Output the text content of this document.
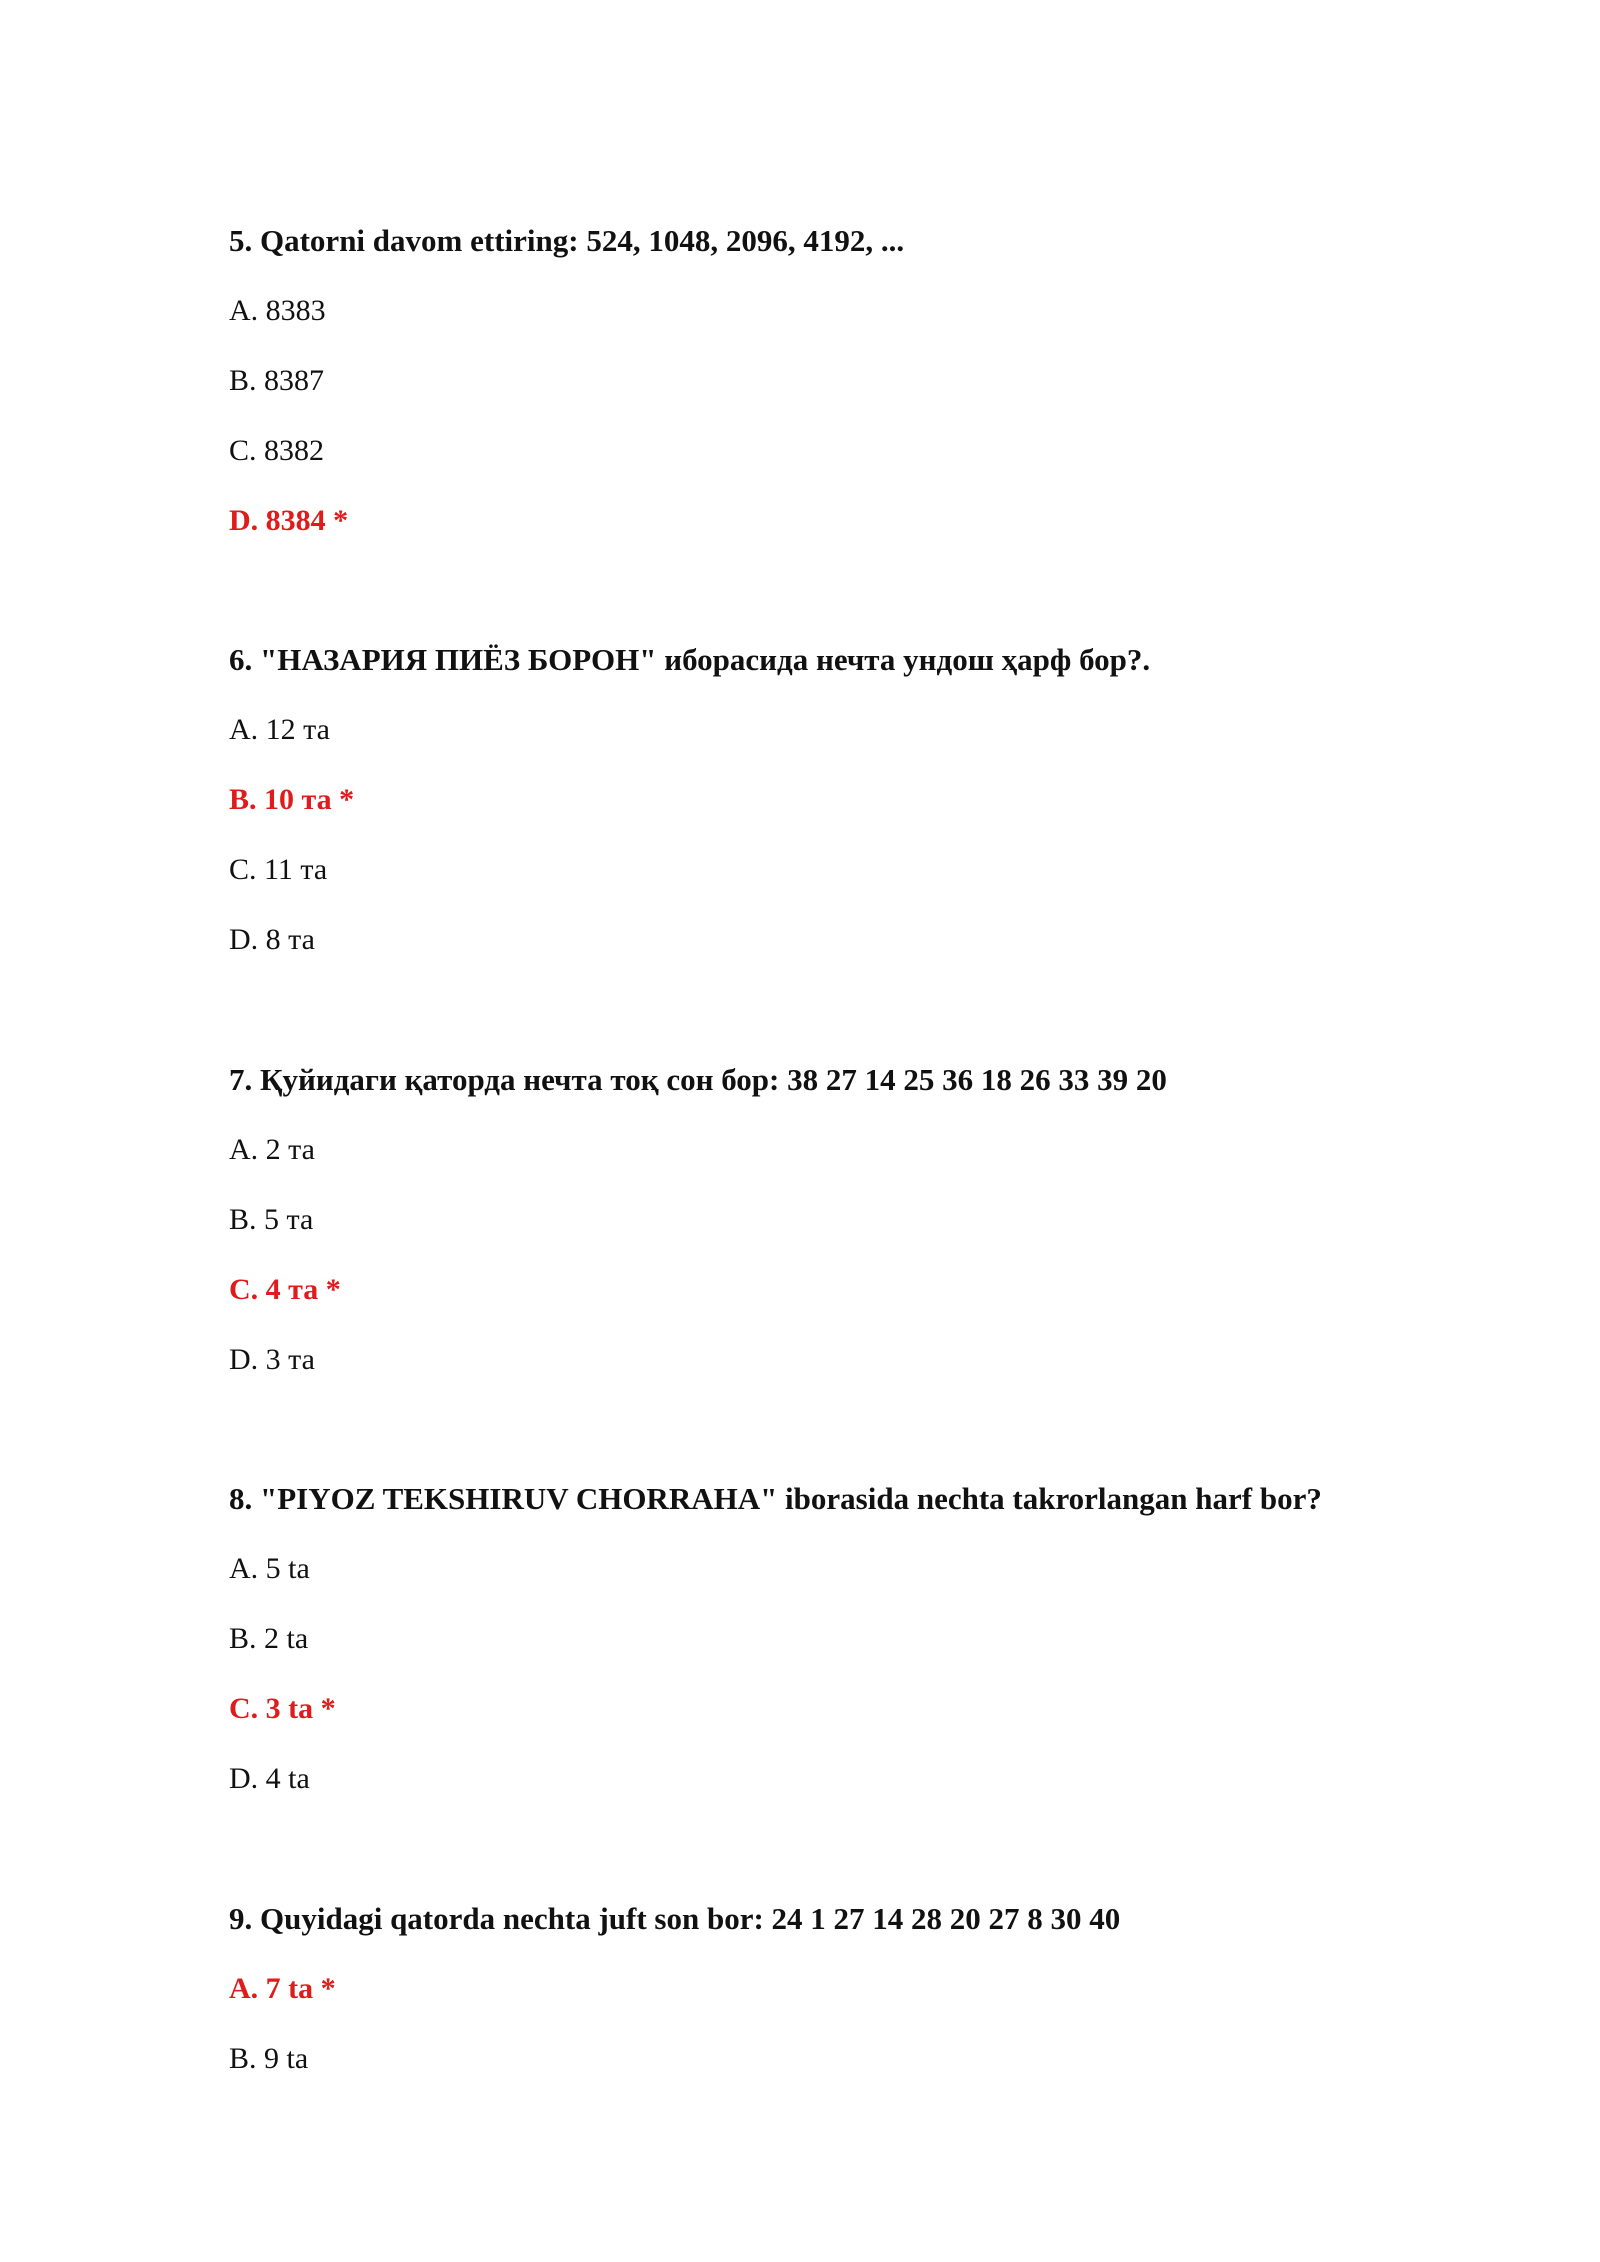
5. Qatorni davom ettiring: 524, 1048, 2096, 4192, ...
A. 8383
B. 8387
C. 8382
D. 8384 *
6. "НАЗАРИЯ ПИЁЗ БОРОН" иборасида нечта ундош ҳарф бор?.
A. 12 та
B. 10 та *
C. 11 та
D. 8 та
7. Қуйидаги қаторда нечта тоқ сон бор: 38 27 14 25 36 18 26 33 39 20
A. 2 та
B. 5 та
C. 4 та *
D. 3 та
8. "PIYOZ TEKSHIRUV CHORRAHA" iborasida nechta takrorlangan harf bor?
A. 5 ta
B. 2 ta
C. 3 ta *
D. 4 ta
9. Quyidagi qatorda nechta juft son bor: 24 1 27 14 28 20 27 8 30 40
A. 7 ta *
B. 9 ta
